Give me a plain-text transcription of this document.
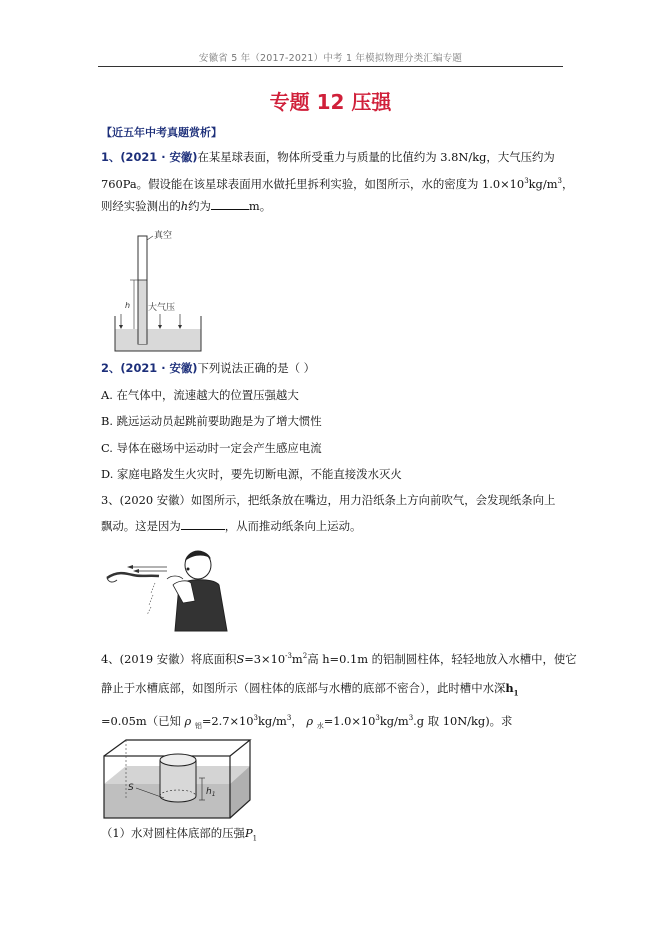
安徽省 5 年（2017-2021）中考 1 年模拟物理分类汇编专题
专题 12 压强
【近五年中考真题赏析】
1、(2021 · 安徽)在某星球表面，物体所受重力与质量的比值约为 3.8N/kg，大气压约为
760Pa。假设能在该星球表面用水做托里拆利实验，如图所示，水的密度为 $1.0\times 10^3kg/m^3$，
则经实验测出的h约为	m。
真空
h 大气压
2、(2021 · 安徽)下列说法正确的是（ ）
A. 在气体中，流速越大的位置压强越大
B. 跳远运动员起跳前要助跑是为了增大惯性
C. 导体在磁场中运动时一定会产生感应电流
D. 家庭电路发生火灾时，要先切断电源，不能直接泼水灭火
3、(2020 安徽）如图所示，把纸条放在嘴边，用力沿纸条上方向前吹气，会发现纸条向上
飘动。这是因为	，从而推动纸条向上运动。
4、(2019 安徽）将底面积$S=3\times 10^{-3}m^2$高 h=0.1m 的铝制圆柱体，轻轻地放入水槽中，使它
静止于水槽底部，如图所示（圆柱体的底部与水槽的底部不密合），此时槽中水深$h_1$
=0.05m（已知 ρ $_铝=2.7\times 10^3kg/m^3$， ρ $_水=1.0\times 10^3kg/m^3.g$ 取 10N/kg)。求
S	$h_1$
（1）水对圆柱体底部的压强$P_1$
